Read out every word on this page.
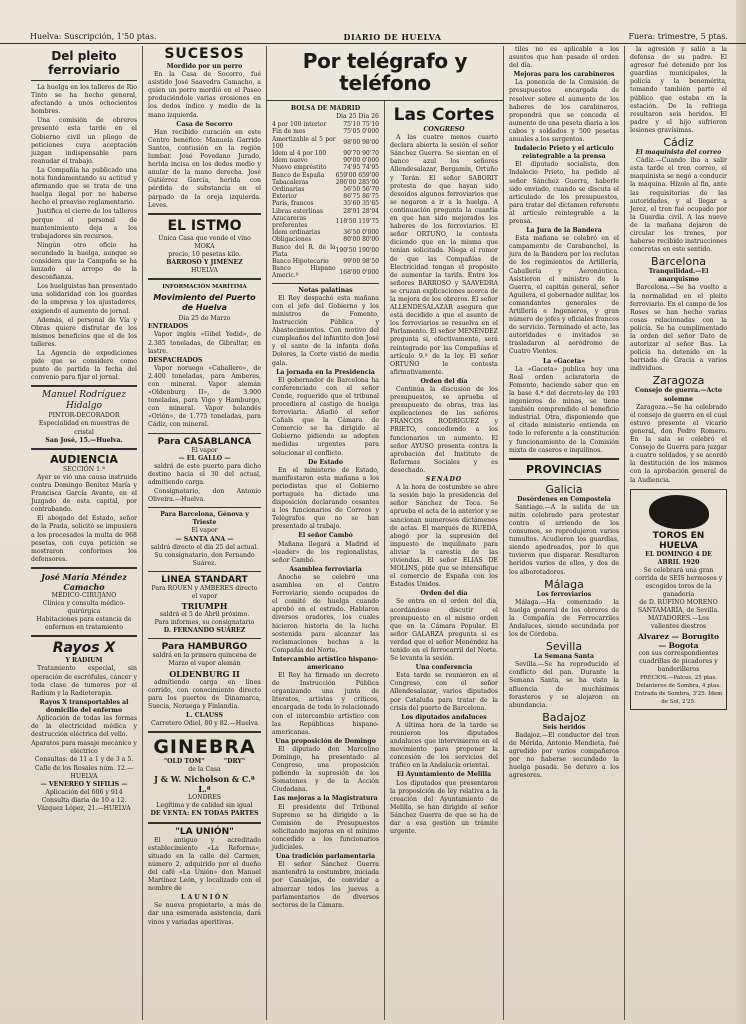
Huelva: Suscripción, 1'50 ptas.	DIARIO DE HUELVA	Fuera: trimestre, 5 ptas.
Del pleito ferroviario

La huelga en los talleres de Rio Tinto se ha hecho general, afectando a unos ochocientos hombres.

Una comisión de obreros presentó esta tarde en el Gobierno civil un pliego de peticiones cuya aceptación juzgan indispensable para reanudar el trabajo.

La Compañía ha publicado una nota fundamentando su actitud y afirmando que se trata de una huelga ilegal por no haberse hecho el preaviso reglamentario.

Justifica el cierre de los talleres porque el personal de mantenimiento deja a los trabajadores sin recursos.

Ningún otro oficio ha secundado la huelga, aunque se considera que la Campaña se ha lanzado al arropo de la desconfianza.

Los huelguistas han presentado una solidaridad con los guardas de la empresa y los ajustadores, exigiendo el aumento de jornal.

Además, el personal de Vía y Obras quiere disfrutar de los mismos beneficios que el de los talleres.

La Agencia de expediciones pide que se considere como punto de partida la fecha del convenio para fijar el jornal.

Manuel Rodríguez Hidalgo
PINTOR-DECORADOR
Especialidad en muestras de cristal
San José, 15.—Huelva.
AUDIENCIA
SECCIÓN 1.ª

Ayer se vió una causa instruida contra Domingo Benítez María y Francisca García Avante, en el Juzgado de esta capital, por contrabando.

El abogado del Estado, señor de la Prada, solicitó se impusiera a los procesados la multa de 968 pesetas, con cuya petición se mostraron conformes los defensores.

José María Méndez Camacho
MÉDICO-CIRUJANO
Clínica y consulta médico-quirúrgica
Habitaciones para estancia de enfermos en tratamiento
Rayos X
Y RADIUM

Tratamiento especial, sin operación de escrófulas, cáncer y toda clase de tumores por el Radium y la Radioterapia.

Rayos X transportables al domicilio del enfermo

Aplicación de todas las formas de la electricidad médica y destrucción eléctrica del vello.

Aparatos para masaje mecánico y eléctrico
Consultas: de 11 a 1 y de 3 a 5.
Calle de los Rosales núm. 12.—HUELVA
— VENEREO Y SIFILIS —
Aplicación del 606 y 914
Consulta diaria de 10 a 12.
Vázquez López, 21.—HUELVA
SUCESOS
Mordido por un perro

En la Casa de Socorro, fué asistido José Saavedra Camacho, a quien un perro mordió en el Paseo produciéndole varias erosiones en los dedos índice y medio de la mano izquierda.

Casa de Socorro

Han recibido curación en este Centro benéfico: Manuela Garrido Santos, contusión en la región lumbar. José Povedano Jurado, herida incisa en los dedos medio y anular de la mano derecha. José Gutiérrez García, herida con pérdida de substancia en el párpado de la oreja izquierda. Leves.

EL ISTMO
Única Casa que vende el vino MOKA
precio, 10 pesetas kilo.
BARROSO Y JIMÉNEZ
HUELVA
INFORMACIÓN MARÍTIMA
Movimiento del Puerto de Huelva
Día 25 de Marzo
ENTRADOS

Vapor inglés «Gibel Yedid», de 2.385 toneladas, de Gibraltar, en lastre.

DESPACHADOS

Vapor noruego «Caballero», de 2.400 toneladas, para Amberes, con mineral. Vapor alemán «Oldenburg II», de 3.900 toneladas, para Vigo y Hamburgo, con mineral. Vapor holandés «Orión», de 1.775 toneladas, para Cádiz, con mineral.

Para CASABLANCA
El vapor
— EL GALLO —

saldrá de este puerto para dicho destino hacia el 30 del actual, admitiendo carga.

Consignatario, don Antonio Oliveira.—Huelva.

Para Barcelona, Génova y Trieste
El vapor
— SANTA ANA —
saldrá directo el día 25 del actual.
Su consignatario, don Fernando Suárez.
LINEA STANDART
Para ROUEN y AMBERES directo el vapor
TRIUMPH
saldrá el 5 de Abril próximo.
Para informes, su consignatario
D. FERNANDO SUÁREZ
Para HAMBURGO
saldrá en la primera quincena de Marzo el vapor alemán
OLDENBURG II

admitiendo carga en línea corrido, con conocimiento directo para los puertos de Dinamarca, Suecia, Noruega y Finlandia.

L. CLAUSS
Carretero Odiel, 80 y 82.—Huelva
GINEBRA
"OLD TOM"         "DRY"
de la Casa
J & W. Nicholson & C.ª L.ª
LONDRES
Legítima y de calidad sin igual
DE VENTA: EN TODAS PARTES
"LA UNIÓN"

El antiguo y acreditado establecimiento «La Reforma», situado en la calle del Carmen, número 2, adquirido por el dueño del café «La Unión» don Manuel Martínez León, y localizado con el nombre de

L A U N I Ó N

Se nueva propietario, a más de dar una esmerada asistencia, dará vinos y variadas aperitivas.

Por telégrafo y teléfono
BOLSA DE MADRID
Día 25 Día 26
4 por 100 interior	75'10 75'10
Fin de mes	75'05 0'000
Amortizable al 5 por 100	98'00 98'00
Ídem al 4 por 100	90'70 90'70
Ídem nuevo	90'00 0'000
Nuevo empréstito	74'95 74'95
Banco de España	659'00 659'00
Tabacaleras	286'00 285'00
Ordinarias	56'50 56'70
Exterior	86'75 86'75
París, francos	35'60 35'65
Libras esterlinas	28'91 28'94
Azucareras preferentes	118'50 119'75
Ídem ordinarias	36'50 0'000
Obligaciones	80'00 80'00
Banco del R. de la Plata	190'50 190'00
Banco Hipotecario	99'00 98'50
Banco Hispano Americ.º	168'00 0'000
Notas palatinas

El Rey despachó esta mañana con el jefe del Gobierno y los ministros de Fomento, Instrucción Pública y Abastecimientos. Con motivo del cumpleaños del infantito don José y el santo de la infanta doña Dolores, la Corte vistió de media gala.

La jornada en la Presidencia

El gobernador de Barcelona ha conferenciado con el señor Conde, reguerido que el tribunal procediera al castigo de huelga ferroviaria. Añadió el señor Cañals que la Cámara de Comercio se ha dirigido al Gobierno pidiendo se adopten medidas urgentes para solucionar el conflicto.

De Estado

En el ministerio de Estado, manifestaron esta mañana a los periodistas que el Gobierno portugués ha dictado una disposición declarando cesantes a los funcionarios de Correos y Telégrafos que no se han presentado al trabajo.

El señor Cambó

Mañana llegará a Madrid el «leader» de los regionalistas, señor Cambó.

Asamblea ferroviaria

Anoche se celebró una asamblea en el Centro Ferroviario, siendo ocupados de el comité de huelga cuando aprobó en el estrado. Hablaron diversos oradores, los cuales hicieron historia de la lucha sostenida para alcanzar las reclamaciones hechas a la Compañía del Norte.

Intercambio artístico hispano-americano

El Rey ha firmado un decreto de Instrucción Pública organizando una junta de literatos, artistas y críticos, encargada de todo lo relacionado con el intercambio artístico con las Repúblicas hispano-americanas.

Una proposición de Domingo

El diputado don Marcelino Domingo, ha presentado al Congreso, una proposición pidiendo la supresión de los Somatenes y de la Acción Ciudadana.

Las mejoras a la Magistratura

El presidente del Tribunal Supremo se ha dirigido a la Comisión de Presupuestos solicitando mejoras en el mínimo concedido a los funcionarios judiciales.

Una tradición parlamentaria

El señor Sánchez Guerra mantendrá la costumbre, iniciada por Canalejas, de convidar a almorzar todos los jueves a parlamentarios de diversos sectores de la Cámara.

Las Cortes
CONGRESO

A las cuatro menos cuarto declara abierta la sesión el señor Sánchez Guerra. Se sientan en el banco azul los señores Allendesalazar, Bergamín, Ortuño y Terán. El señor SABORIT protesta de que hayan sido desoídos algunos ferroviarios que se negaron a ir a la huelga. A continuación pregunta la cuantía en que han sido mejorados los haberes de los ferroviarios. El señor ORTUÑO, le contesta diciendo que en la misma que tenían solicitada. Niega el rumor de que las Compañías de Electricidad tengan el propósito de aumentar la tarifa. Entre los señores BARROSO y SAAVEDRA se cruzan explicaciones acerca de la mejora de los obreros. El señor ALLENDESALAZAR asegura que está decidido a que el asunto de los ferroviarios se resuelva en el Parlamento. El señor MENÉNDEZ pregunta si, efectivamente, será reintegrado por las Compañías el artículo 9.º de la ley. El señor ORTUÑO le contesta afirmativamente.

Orden del día

Continúa la discusión de los presupuestos, se aprueba el presupuesto de obras, tras las explicaciones de los señores FRANCOS RODRÍGUEZ y PRIETO, concediendo a los funcionarios un aumento. El señor AYUSO presenta contra la aprobación del Instituto de Reformas Sociales y es desechado.

SENADO

A la hora de costumbre se abre la sesión bajo la presidencia del señor Sánchez de Toca. Se aprueba el acta de la anterior y se sancionan numerosos dictámenes de actas. El marqués de RUEDA, abogó por la supresión del impuesto de inquilinato para aliviar la carestía de las viviendas. El señor ELIAS DE MOLINS, pide que se intensifique el comercio de España con los Estados Unidos.

Orden del día

Se entra en el orden del día, acordándose discutir el presupuesto en el mismo orden que en la Cámara Popular. El señor GALARZA pregunta si es verdad que el señor Menéndez ha tenido en el ferrocarril del Norte. Se levanta la sesión.

Una conferencia

Esta tarde se reunieron en el Congreso, con el señor Allendesalazar, varios diputados por Cataluña para tratar de la crisis del puerto de Barcelona.

Los diputados andaluces

A última hora de la tarde se reunieron los diputados andaluces que intervinieron en el movimiento para proponer la concesión de los servicios del tráfico en la Andalucía oriental.

El Ayuntamiento de Melilla

Los diputados que presentaron la proposición de ley relativa a la creación del Ayuntamiento de Melilla, se han dirigido al señor Sánchez Guerra de que se ha de dar a esa gestión un trámite urgente.

tiles no es aplicable a los asuntos que han pasado el orden del día.

Mejoras para los carabineros

La ponencia de la Comisión de presupuestos encargada de resolver sobre el aumento de los haberes de los carabineros, propondrá que se conceda el aumento de una peseta diaria a los cabos y soldados y 500 pesetas anuales a los sargentos.

Indalecio Prieto y el articulo reintegrable a la prensa

El diputado socialista, don Indalecio Prieto, ha pedido al señor Sánchez Guerra, haberle sido enviado, cuando se discuta el articulado de los presupuestos, para tratar del dictamen referente al artículo reintegrable a la prensa.

La Jura de la Bandera

Esta mañana se celebró en el campamento de Carabanchel, la jura de la Bandera por los reclutas de los regimientos de Artillería, Caballería y Aeronáutica. Asistieron el ministro de la Guerra, el capitán general, señor Aguilera, el gobernador militar, los comandantes generales de Artillería e Ingenieros, y gran número de jefes y oficiales francos de servicio. Terminado el acto, las autoridades e invitados se trasladaron al aeródromo de Cuatro Vientos.

La «Gaceta»

La «Gaceta» publica hoy una Real orden aclaratoria de Fomento, haciendo saber que en la base 4.ª del decreto-ley de 193 ingenieros de minas, se tiene también comprendido el beneficio industrial. Otra, disponiendo que el citado ministerio entienda en todo lo referente a la constitución y funcionamiento de la Comisión mixta de caseros e inquilinos.

PROVINCIAS
Galicia
Desórdenes en Compostela

Santiago.—A la salida de un mitin celebrado para protestar contra el arriendo de los consumos, se reprodujeron varios tumultos. Acudieron los guardias, siendo apedreados, por lo que tuvieron que disparar. Resultaron heridos varios de ellos, y dos de los alborotadores.

Málaga
Los ferroviarios

Málaga.—Ha comenzado la huelga general de los obreros de la Compañía de Ferrocarriles Andaluces, siendo secundada por los de Córdoba.

Sevilla
La Semana Santa

Sevilla.—Se ha reproducido el conflicto del pan. Durante la Semana Santa, se ha visto la afluencia de muchísimos forasteros y se alojaron en abundancia.

Badajoz
Seis heridos

Badajoz.—El conductor del tren de Mérida, Antonio Mendieta, fué agredido por varios compañeros por no haberse secundado la huelga pasada. Se detuvo a los agresores.

la agresión y salió a la defensa de su padre. El agresor fué detenido por los guardias municipales, la policía y la benemérita, tomando también parte el público que estaba en la estación. De la refriega resultaron seis heridos. El padre y el hijo sufrieron lesiones gravísimas.

Cádiz
El maquinista del correo

Cádiz.—Cuando iba a salir esta tarde el tren correo, el maquinista se negó a conducir la máquina. Hízolo al fin, ante las requisitorias de las autoridades, y al llegar a Jerez, el tren fué ocupado por la Guardia civil. A las nueve de la mañana dejaron de circular los trenes, por haberse recibido instrucciones concretas en este sentido.

Barcelona
Tranquilidad.—El anarquismo

Barcelona.—Se ha vuelto a la normalidad en el pleito ferroviario. En el campo de los Roses se han hecho varias cosas relacionadas con la policía. Se ha cumplimentado la orden del señor Dato de autorizar al señor Bas. La policía ha detenido en la barriada de Gracia a varios individuos.

Zaragoza
Consejo de guerra.—Acto solemne

Zaragoza.—Se ha celebrado el consejo de guerra en el cual estuvo presente el vicario general, don Pedro Romero. En la sala se celebró el Consejo de Guerra para juzgar a cuatro soldados, y se acordó la destitución de los mismos con la aprobación general de la Audiencia.

TOROS EN HUELVA
EL DOMINGO 4 DE ABRIL 1920
Se celebrará una gran corrida de SEIS hermosos y escogidos toros de la ganadería
de D. RUFINO MORENO SANTAMARÍA, de Sevilla.
MATADORES.—Los valientes diestros
Alvarez — Borugito — Bogota
con sus correspondientes cuadrillas de picadores y banderilleros
PRECIOS.—Palcos, 25 ptas. Delanteros de Sombra, 4 ptas. Entrada de Sombra, 3'25. Ídem de Sol, 2'25.
